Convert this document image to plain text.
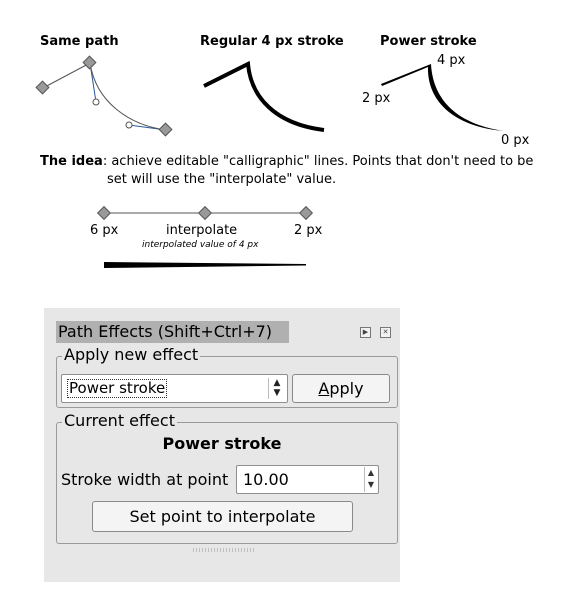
Same path	Regular 4 px stroke	Power stroke
2 px
4 px
0 px
The idea: achieve editable "calligraphic" lines. Points that don't need to be
set will use the "interpolate" value.
6 px	interpolate	2 px
interpolated value of 4 px
Path Effects (Shift+Ctrl+7)	▶	✕
Apply new effect
Power stroke	▲
▼	Apply
Current effect
Power stroke
Stroke width at point 10.00	▲
▼
Set point to interpolate
